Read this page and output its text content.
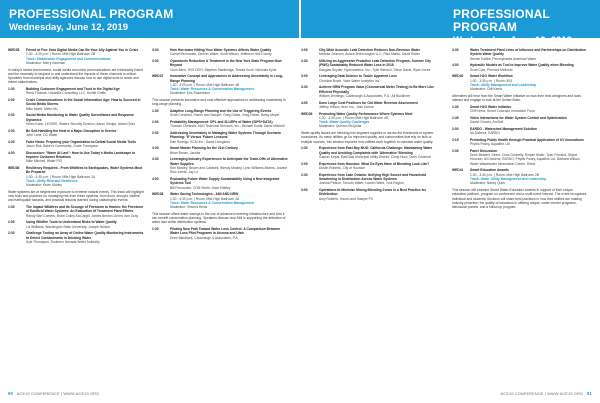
PROFESSIONAL PROGRAM
Wednesday, June 12, 2019
PROFESSIONAL PROGRAM
Wednesday, June 12, 2019
WED35	Friend or Foe: How Digital Media Can Be Your Ally Against You in Crisis
1:30 - 4:30 p.m. | Room: Mile High Ballroom 2B
Track: Stakeholder Engagement and Communications
Moderator: Merry Kaulman
In today's media environment, social media and crisis communications are intrinsically linked and the necessity to respond to and understand the impacts of these channels is critical. Speakers from municipal and utility agencies discuss how to use digital tools to reach and inform stakeholders.
1:30	Building Customer Engagement and Trust in the Digital Age
Rena Thomas, Urbanitis Consulting LLC, Huntle Griffin
2:00	Crisis Communications in the Social Information Age: How to Succeed in Social Media Storms
Mike Moritt, Metro M1
2:30	Social Media Monitoring to Water Quality Surveillance and Response Dynamics
Helen Kahn, LEGRIS, Waters Security Division; Aaron Sledge; Adam Grizz
3:00	Be Self-Handling the Heat in a Major Disruption in Service
John Lane, DC Water
3:30	False News: Preparing your Organization to Defeat Social Media Trolls
Jason Bus, Baker's Community; Susie Thompson
4:00	Discussion: "Warm At Last": How to Use Today's Media Landscape to Improve Customer Relations
Mike Mitchell, Water PIO
WED36	Resiliency Required - From Wildfires to Earthquakes, Water Systems Must Be Prepared
1:30 - 4:30 p.m. | Room: Mile High Ballroom 2A
Track: Utility Risk and Resilience
Moderator: Kevin Morley
Water systems are at heightened exposure to extreme natural events. This track will highlight new tools and practices for managing risk from these systems, from flood, drought, wildfire and earthquake hazards, and practical lessons learned during catastrophic events.
1:30	The Impact Wildfires and Its Scourge of Firestorm to Homes: the Firestorm of Eastfield Water Systems: An Evaluation of Treatment Plant Efforts
Randy Bart Comers, Bram Colley-McCargill, James Benton-Gehm; Ann Gray
2:00	Using Wildfire Tools to Understand Risks to Water Quality
Liz Williams, Washington State University; Joseph Nelson
2:30	Challenge Testing an Array of Online Water Quality Monitoring Instruments to Detect Contaminants in Drinking Water
Kyle Thompson, Southern Nevada Water Authority
3:00	How Hurricane Hitting Your Water Systems Affects Water Quality
Cornell Buchanan, Denver Water; Scott Wilson, Jefferson Hull County
3:30	Cyanotoxin Reduction & Treatment in the New York State Program Now Beyond
Chris Allen, NYS DOH, Stephen Stanbridge, Teresa Knoll, Nicholas Kyrle
WED37	Innovative Concept and Approaches to Addressing Uncertainty in Long-Range Planning
1:30 - 3:00 p.m. | Room: Mile High Ballroom 4B
Track: Water Resources & Conservation Management
Moderator: Eric Rosenblum
This session presents innovative and cost-effective approaches to addressing uncertainty in long-range planning.
1:30	Adaptive Long-Range Planning and the Use of Triggering Events
Scott Cordovid, Hazen and Sawyer; Greg Gates, Greg Fisher, Betsy Meyer
2:00	Probability Management: DPL and SLURPs of Water (SIPS+DATA)
Thomas Chesnutt, A&N Technical Services, Inc.; Michael Kohls, David Mitchell
2:30	Addressing Uncertainty in Managing Water Systems Through Scenario Planning: 'If' Versus 'Future Lessons'
Dan Rodrigo, KCM Inc.; David Livingston
3:00	Smart Master Planning for the 21st Century
Brian Brown, Jacobs
3:30	Leveraging Industry Experiences to Anticipate the Trade-Offs of Alternative Water Supplies
Erin Mosley; Brown and Caldwell, Wendy Manley, Lynn Williams-Bivens, Joanne Ruiz-Leeds, Jay Lo
4:00	Evaluating Future Water Supply Sustainability Using a New Integrated Systems Tool
Bill Fernandez, CDM Smith; Dave Rattley
WED38	Water Saving Technologies - AMI AND NRW
1:30 - 4:30 p.m. | Room: Mile High Ballroom 4A
Track: Water Resources & Conservation Management
Moderator: Vincent Hentz
This session offers water savings in the use of advanced metering infrastructure and how it can benefit conservation planning. Speakers discuss how AMI is supporting the detection of water loss within distribution systems.
1:30	Piloting New Path Toward Water Loss Control: A Comparison Between Water Loss Pilot Programs in Arizona and Utah
Drew Blackwell, Cavanaugh & Associates, P.A.
2:00	City-Wide Acoustic Leak Detection Reduces Non-Revenue Water
Melissa Johnson, Aclara Technologies LLC; Paul Marks, David Rutter
2:30	Utilizing an Aggressive Proactive Leak Detection Program, Sumner City (PWS) Sustainably Reduced Water Loss in 2018
Douglas Snyder, Hydrometrics, Inc.; Tyler Benson, Steve Davis, Ryan Jones
3:00	Leveraging Data Science to Tackle Apparent Loss
Christine Boyle, Valor Water Analytics Inc.
3:30	Achieve NRW Program Value (Commercial Meter Testing) to Be More Like Efficient Physically
William Jennings, Cavanaugh & Associates, P.A.; Ali Buckhner
4:00	Done Large Cost Positions for Old Water Revenue Assessment
Jeffrey Wilson, Itron Inc.; Josh Dunne
WED39	Promoting Water Quality Performance Where Systems Meet
1:30 - 4:30 p.m. | Room: Mile High Ballroom 4D
Track: Water Quality Challenges
Moderator: Quinton McQuilla
Water quality issues are bleeding into segment supplies or across the thresholds of system boundaries. As many utilities go for improved quality, and communities that rely on bulk or multiple sources, this session explores how utilities work together to maintain water quality.
1:30	Experience from East Bay MUD: California Challenge: Maintaining Water Quality and Avoiding Complaints with 'Alternative' Blending
Gaurav Kirpal, East Bay Municipal Utility District; Cindy Hurd, Doris Crickmar
2:00	Experience from Houston: What Do Eyes Have of Blending Look Like?
Dustin Roberts, City of Houston
2:30	Experience from Lake Ontario: Unifying High Source and Household Smartening in Distribution Across Water Systems
Joshua Pearce, Toronto Water; Lauren Ward, York Region
3:00	Operations to Minimize Mixing Blending Zones in a Best Practice for Distribution
Amy Roberts, Hazen and Sawyer PC
3:30	Water Treatment Plant Lines of Influence and Partnerships on Distribution System Water Quality
Steven Kottke, Pennsylvania American Water
4:00	Hydraulic Models as Tool to Improve Water Quality when Blending
Scott Cole, Pennoni Methods
WED40	Smart H2O Water Workflow
1:30 - 3:30 p.m. | Room: 504
Track: Utility Management and Leadership
Moderator: Cliff Kerns
Attendees will hear from the Smart Water Initiative on how their tech-designers and tools interact and engage to look at the United State.
1:30	Smart H2O Water Initiative
Cliff Kerns, Smart Colorado Innovation Fund
1:45	Video Interactions for Water System Control and Optimization
Daniel Groves, ArcSoft
2:00	EARDO - Watershed Management Solution
Ali Dickens, EARDO
2:15	Protecting Public Health through Practical Application of UV Innovations
Phyllis Posey, Aquafine Ltd
2:30	Panel Discussion
Drew Beadell, Direct; Chris Donnelly, Simple Water; Tyler Ferrand, Object Houston; Ali Dickens, EARDO; Phyllis Posey, Aquafine Ltd; Barbara Wilson, Water Wastewater Information Center, Direct
WED41	Smart Education Awards
1:30 - 3:30 p.m. | Room: Mile High Ballroom 2B
Track: Water Utility Management and Leadership
Moderator: Nancy Quirk
This session will examine Smart Water Education Awards in support of their unique education platform, program on conference and a multi-event interest. The event recognizes individual and students' Sections will share best practices in how their utilities are making industry proactive; the quality of education in offering unique, water mentor programs, discussion panels, and a follow-up program.
90 ACE19 CONFERENCE | WWW.ACE19.ORG	ACE19 CONFERENCE | WWW.ACE19.ORG 91
